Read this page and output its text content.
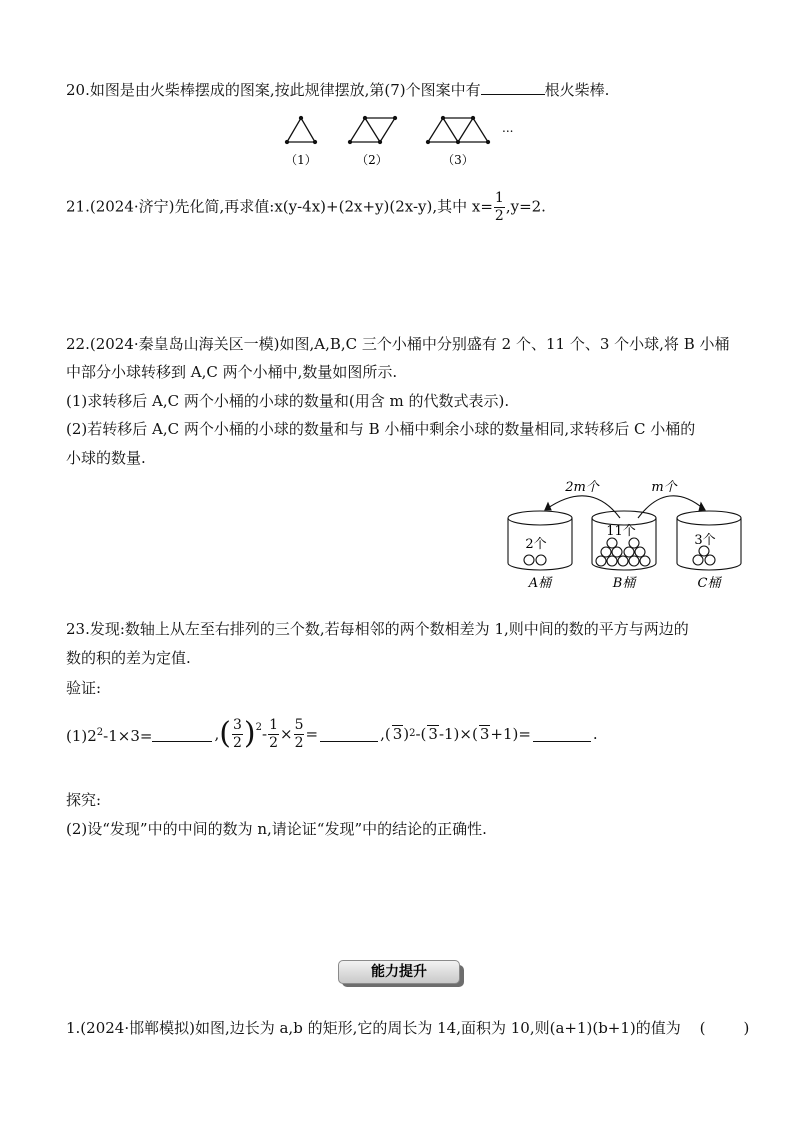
20.如图是由火柴棒摆成的图案,按此规律摆放,第(7)个图案中有	根火柴棒.
（1）	（2）	（3）
...
21.(2024·济宁)先化简,再求值:x(y-4x)+(2x+y)(2x-y),其中 $x= \frac{1}{2} ,y=2$.
22.(2024·秦皇岛山海关区一模)如图,A,B,C 三个小桶中分别盛有 2 个、11 个、3 个小球,将 B 小桶
中部分小球转移到 A,C 两个小桶中,数量如图所示.
(1)求转移后 A,C 两个小桶的小球的数量和(用含 m 的代数式表示).
(2)若转移后 A,C 两个小桶的小球的数量和与 B 小桶中剩余小球的数量相同,求转移后 C 小桶的
小球的数量.
2m个	m个
2个
11个
3个
A桶	B桶	C桶
23.发现:数轴上从左至右排列的三个数,若每相邻的两个数相差为 1,则中间的数的平方与两边的
数的积的差为定值.
验证:
$(1)2^2-1\times 3=$	, ( $\frac{3}{2} )^2 - \frac{1}{2} \times \frac{5}{2}$ =	,( 3 ) 2 -( 3 -1)×( 3 +1)=	.
探究:
(2)设“发现”中的中间的数为 n,请论证“发现”中的结论的正确性.
能力提升
1.(2024·邯郸模拟)如图,边长为 a,b 的矩形,它的周长为 14,面积为 10,则(a+1)(b+1)的值为 (        )
